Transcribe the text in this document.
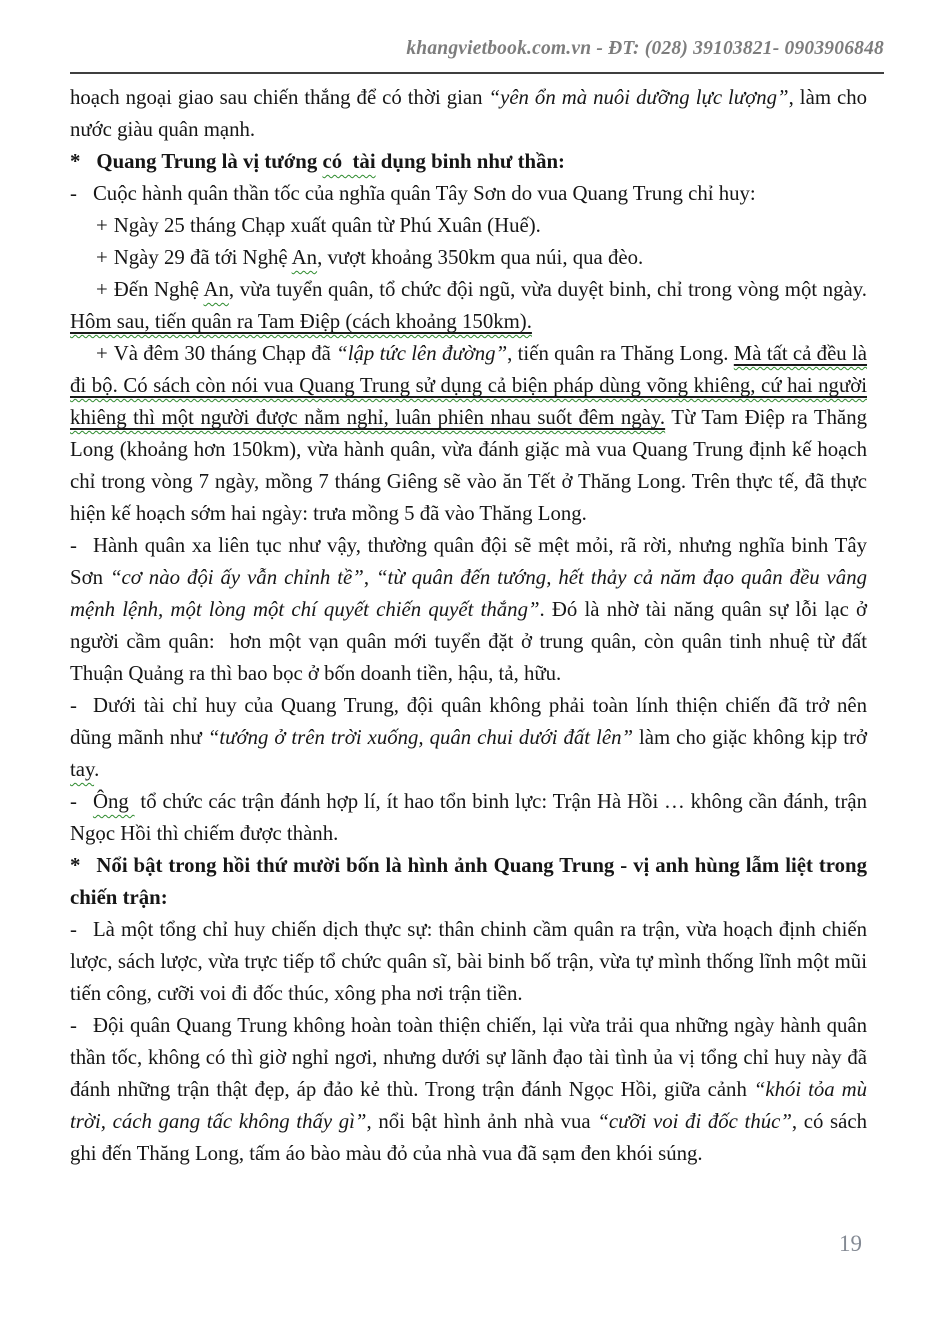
khangvietbook.com.vn - ĐT: (028) 39103821- 0903906848

hoạch ngoại giao sau chiến thắng để có thời gian “yên ổn mà nuôi dưỡng lực lượng”, làm cho nước giàu quân mạnh.

* Quang Trung là vị tướng có  tài dụng binh như thần:

- Cuộc hành quân thần tốc của nghĩa quân Tây Sơn do vua Quang Trung chỉ huy:

+ Ngày 25 tháng Chạp xuất quân từ Phú Xuân (Huế).

+ Ngày 29 đã tới Nghệ An, vượt khoảng 350km qua núi, qua đèo.

+ Đến Nghệ An, vừa tuyển quân, tổ chức đội ngũ, vừa duyệt binh, chỉ trong vòng một ngày. Hôm sau, tiến quân ra Tam Điệp (cách khoảng 150km).

+ Và đêm 30 tháng Chạp đã “lập tức lên đường”, tiến quân ra Thăng Long. Mà tất cả đều là đi bộ. Có sách còn nói vua Quang Trung sử dụng cả biện pháp dùng võng khiêng, cứ hai người khiêng thì một người được nằm nghỉ, luân phiên nhau suốt đêm ngày. Từ Tam Điệp ra Thăng Long (khoảng hơn 150km), vừa hành quân, vừa đánh giặc mà vua Quang Trung định kế hoạch chỉ trong vòng 7 ngày, mồng 7 tháng Giêng sẽ vào ăn Tết ở Thăng Long. Trên thực tế, đã thực hiện kế hoạch sớm hai ngày: trưa mồng 5 đã vào Thăng Long.

- Hành quân xa liên tục như vậy, thường quân đội sẽ mệt mỏi, rã rời, nhưng nghĩa binh Tây Sơn “cơ nào đội ấy vẫn chỉnh tề”, “từ quân đến tướng, hết thảy cả năm đạo quân đều vâng mệnh lệnh, một lòng một chí quyết chiến quyết thắng”. Đó là nhờ tài năng quân sự lỗi lạc ở người cầm quân:  hơn một vạn quân mới tuyển đặt ở trung quân, còn quân tinh nhuệ từ đất Thuận Quảng ra thì bao bọc ở bốn doanh tiền, hậu, tả, hữu.

- Dưới tài chỉ huy của Quang Trung, đội quân không phải toàn lính thiện chiến đã trở nên dũng mãnh như “tướng ở trên trời xuống, quân chui dưới đất lên” làm cho giặc không kịp trở tay.

- Ông  tổ chức các trận đánh hợp lí, ít hao tổn binh lực: Trận Hà Hồi … không cần đánh, trận Ngọc Hồi thì chiếm được thành.

* Nổi bật trong hồi thứ mười bốn là hình ảnh Quang Trung - vị anh hùng lẫm liệt trong chiến trận:

- Là một tổng chỉ huy chiến dịch thực sự: thân chinh cầm quân ra trận, vừa hoạch định chiến lược, sách lược, vừa trực tiếp tổ chức quân sĩ, bài binh bố trận, vừa tự mình thống lĩnh một mũi tiến công, cưỡi voi đi đốc thúc, xông pha nơi trận tiền.

- Đội quân Quang Trung không hoàn toàn thiện chiến, lại vừa trải qua những ngày hành quân thần tốc, không có thì giờ nghỉ ngơi, nhưng dưới sự lãnh đạo tài tình ủa vị tổng chỉ huy này đã đánh những trận thật đẹp, áp đảo kẻ thù. Trong trận đánh Ngọc Hồi, giữa cảnh “khói tỏa mù trời, cách gang tấc không thấy gì”, nổi bật hình ảnh nhà vua “cưỡi voi đi đốc thúc”, có sách ghi đến Thăng Long, tấm áo bào màu đỏ của nhà vua đã sạm đen khói súng.

19
